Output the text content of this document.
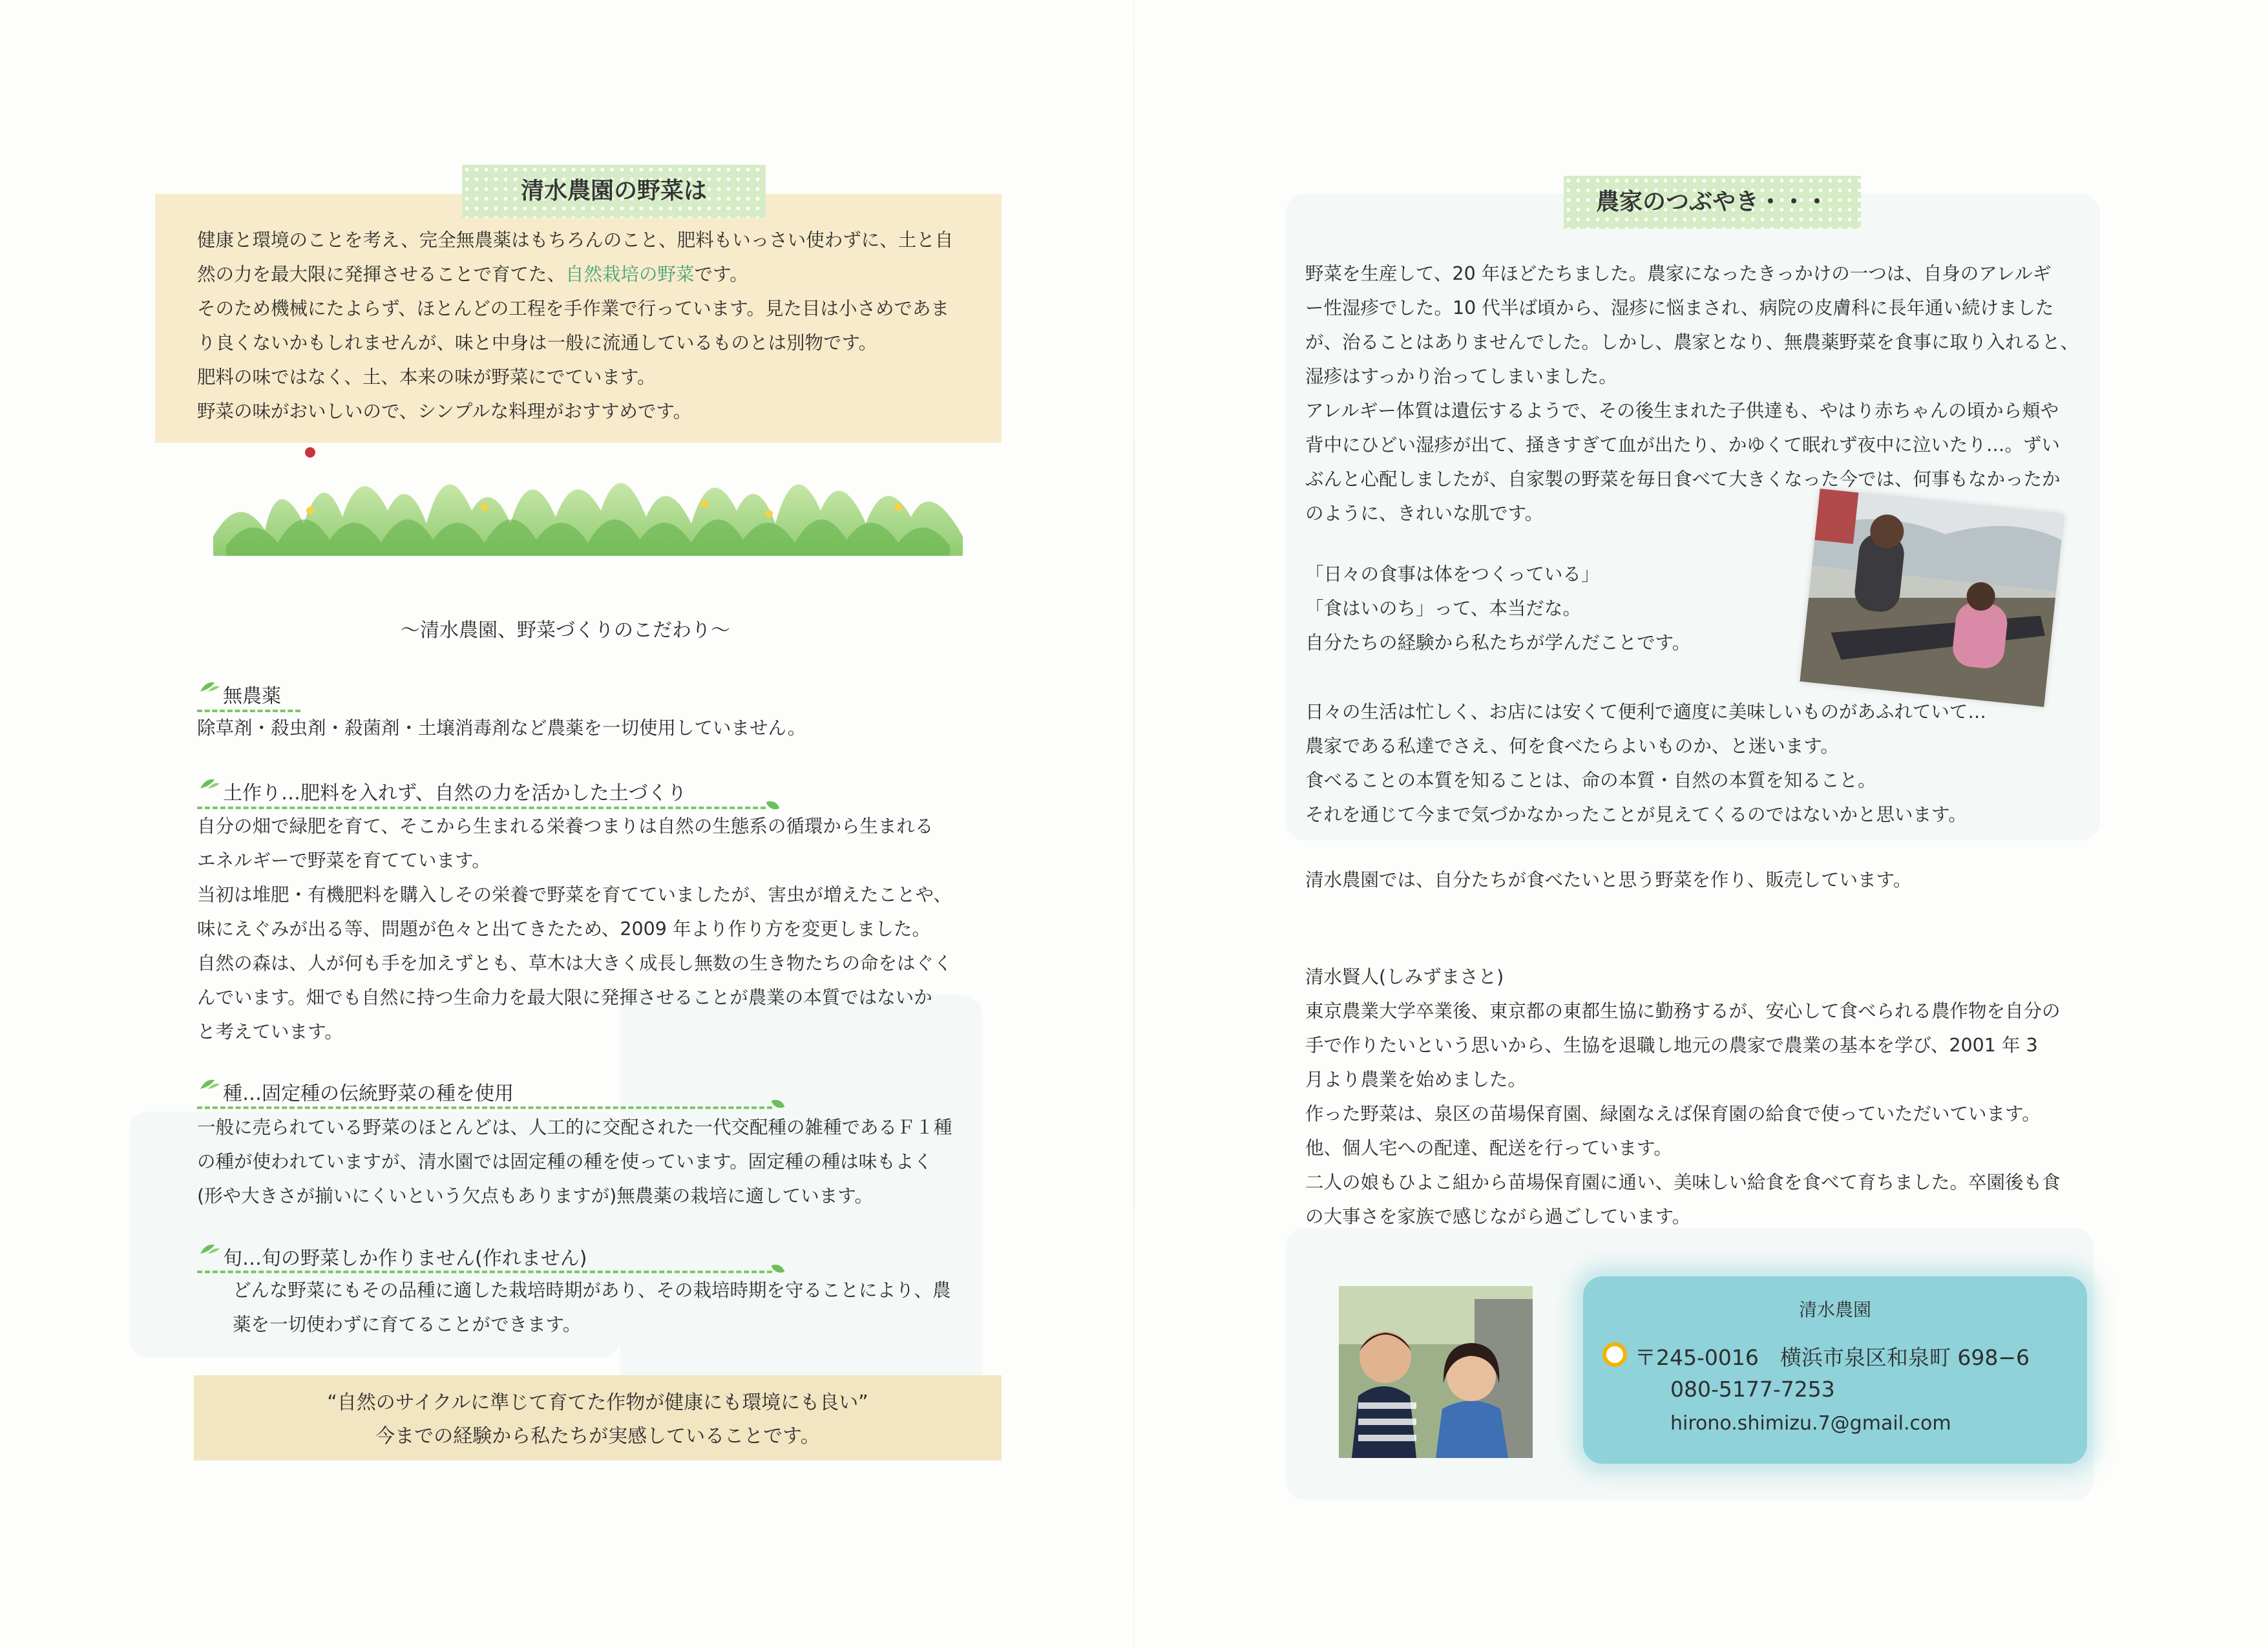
清水農園の野菜は
健康と環境のことを考え、完全無農薬はもちろんのこと、肥料もいっさい使わずに、土と自
然の力を最大限に発揮させることで育てた、自然栽培の野菜です。
そのため機械にたよらず、ほとんどの工程を手作業で行っています。見た目は小さめであま
り良くないかもしれませんが、味と中身は一般に流通しているものとは別物です。
肥料の味ではなく、土、本来の味が野菜にでています。
野菜の味がおいしいので、シンプルな料理がおすすめです。
～清水農園、野菜づくりのこだわり～
無農薬
除草剤・殺虫剤・殺菌剤・土壌消毒剤など農薬を一切使用していません。
土作り…肥料を入れず、自然の力を活かした土づくり
自分の畑で緑肥を育て、そこから生まれる栄養つまりは自然の生態系の循環から生まれる
エネルギーで野菜を育てています。
当初は堆肥・有機肥料を購入しその栄養で野菜を育てていましたが、害虫が増えたことや、
味にえぐみが出る等、問題が色々と出てきたため、2009 年より作り方を変更しました。
自然の森は、人が何も手を加えずとも、草木は大きく成長し無数の生き物たちの命をはぐく
んでいます。畑でも自然に持つ生命力を最大限に発揮させることが農業の本質ではないか
と考えています。
種…固定種の伝統野菜の種を使用
一般に売られている野菜のほとんどは、人工的に交配された一代交配種の雑種であるＦ１種
の種が使われていますが、清水園では固定種の種を使っています。固定種の種は味もよく
(形や大きさが揃いにくいという欠点もありますが)無農薬の栽培に適しています。
旬…旬の野菜しか作りません(作れません)
どんな野菜にもその品種に適した栽培時期があり、その栽培時期を守ることにより、農
薬を一切使わずに育てることができます。
“自然のサイクルに準じて育てた作物が健康にも環境にも良い”
今までの経験から私たちが実感していることです。
農家のつぶやき・・・
野菜を生産して、20 年ほどたちました。農家になったきっかけの一つは、自身のアレルギ
ー性湿疹でした。10 代半ば頃から、湿疹に悩まされ、病院の皮膚科に長年通い続けました
が、治ることはありませんでした。しかし、農家となり、無農薬野菜を食事に取り入れると、
湿疹はすっかり治ってしまいました。
アレルギー体質は遺伝するようで、その後生まれた子供達も、やはり赤ちゃんの頃から頬や
背中にひどい湿疹が出て、掻きすぎて血が出たり、かゆくて眠れず夜中に泣いたり…。ずい
ぶんと心配しましたが、自家製の野菜を毎日食べて大きくなった今では、何事もなかったか
のように、きれいな肌です。
「日々の食事は体をつくっている」
「食はいのち」って、本当だな。
自分たちの経験から私たちが学んだことです。
日々の生活は忙しく、お店には安くて便利で適度に美味しいものがあふれていて…
農家である私達でさえ、何を食べたらよいものか、と迷います。
食べることの本質を知ることは、命の本質・自然の本質を知ること。
それを通じて今まで気づかなかったことが見えてくるのではないかと思います。
清水農園では、自分たちが食べたいと思う野菜を作り、販売しています。
清水賢人(しみずまさと)
東京農業大学卒業後、東京都の東都生協に勤務するが、安心して食べられる農作物を自分の
手で作りたいという思いから、生協を退職し地元の農家で農業の基本を学び、2001 年 3
月より農業を始めました。
作った野菜は、泉区の苗場保育園、緑園なえば保育園の給食で使っていただいています。
他、個人宅への配達、配送を行っています。
二人の娘もひよこ組から苗場保育園に通い、美味しい給食を食べて育ちました。卒園後も食
の大事さを家族で感じながら過ごしています。
清水農園
〒245-0016　横浜市泉区和泉町 698−6
080-5177-7253
hirono.shimizu.7@gmail.com
